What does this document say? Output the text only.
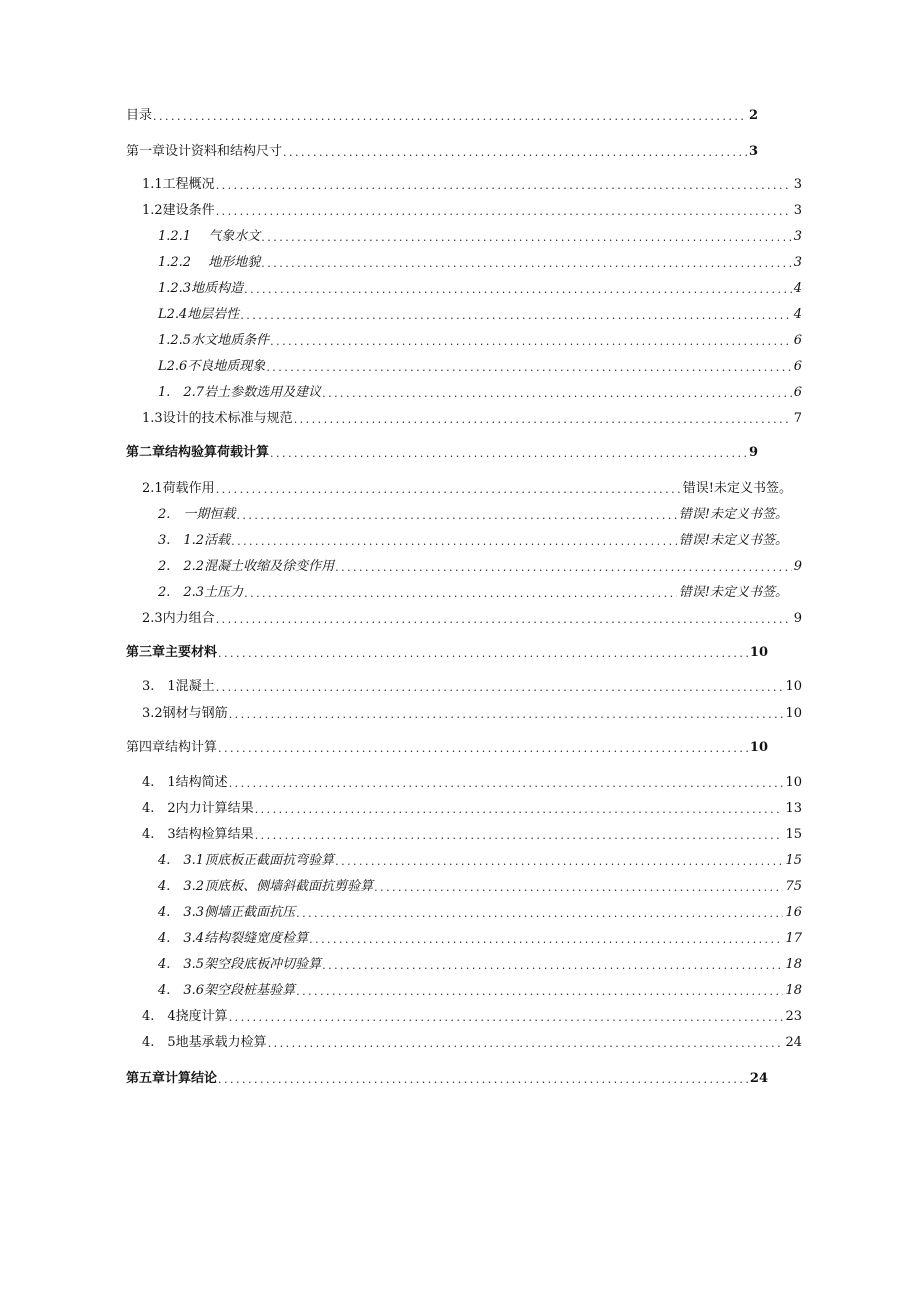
目录 . . .	2
第一章设计资料和结构尺寸 . . .	3
1.1工程概况 . . .	3
1.2建设条件 . . .	3
1.2.1　 气象水文 . . .	3
1.2.2　 地形地貌 . . .	3
1.2.3地质构造 . . .	4
L2.4地层岩性 . . .	4
1.2.5水文地质条件 . . .	6
L2.6不良地质现象 . . .	6
1.　2.7岩土参数选用及建议 . . .	6
1.3设计的技术标准与规范 . . .	7
第二章结构验算荷载计算 . . .	9
2.1荷载作用 . . .	错误!未定义书签。
2.　一期恒载 . . .	错误!未定义书签。
3.　1.2活载 . . .	错误!未定义书签。
2.　2.2混凝土收缩及徐变作用 . . .	9
2.　2.3土压力 . . .	错误!未定义书签。
2.3内力组合 . . .	9
第三章主要材料 . . .	10
3.　1混凝土 . . .	10
3.2钢材与钢筋 . . .	10
第四章结构计算 . . .	10
4.　1结构简述 . . .	10
4.　2内力计算结果 . . .	13
4.　3结构检算结果 . . .	15
4.　3.1顶底板正截面抗弯验算 . . .	15
4.　3.2顶底板、侧墙斜截面抗剪验算 . . .	75
4.　3.3侧墙正截面抗压 . . .	16
4.　3.4结构裂缝宽度检算 . . .	17
4.　3.5架空段底板冲切验算 . . .	18
4.　3.6架空段桩基验算 . . .	18
4.　4挠度计算 . . .	23
4.　5地基承载力检算 . . .	24
第五章计算结论 . . .	24
